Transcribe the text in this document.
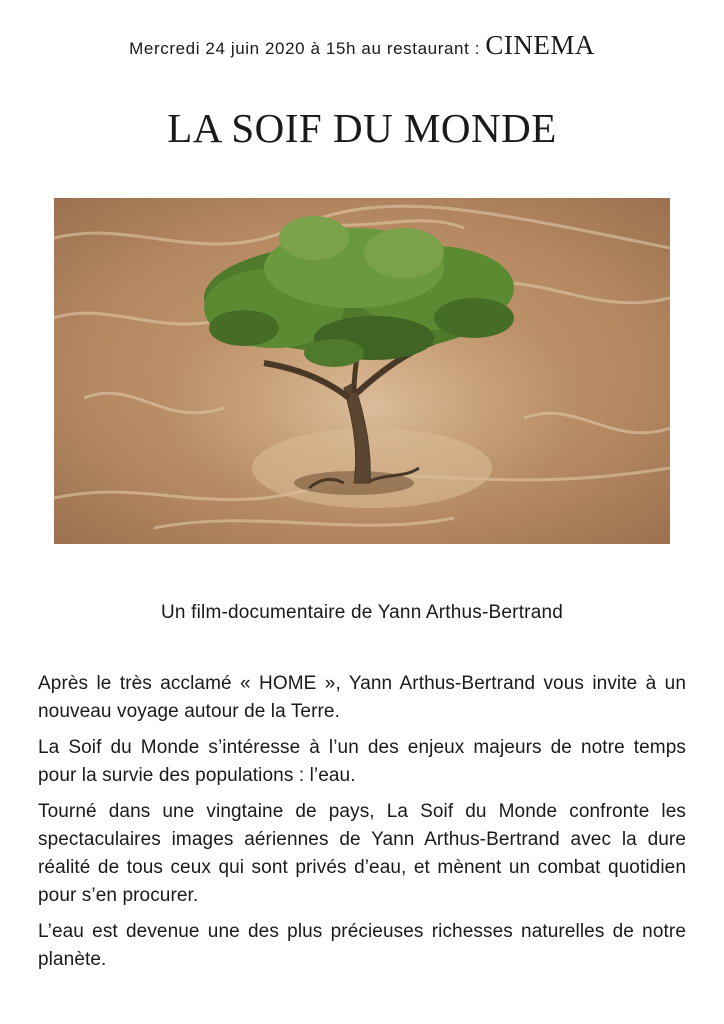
Mercredi 24 juin 2020 à 15h au restaurant : CINEMA
LA SOIF DU MONDE
Un film-documentaire de Yann Arthus-Bertrand

Après le très acclamé « HOME », Yann Arthus-Bertrand vous invite à un nouveau voyage autour de la Terre.

La Soif du Monde s’intéresse à l’un des enjeux majeurs de notre temps pour la survie des populations : l’eau.

Tourné dans une vingtaine de pays, La Soif du Monde confronte les spectaculaires images aériennes de Yann Arthus-Bertrand avec la dure réalité de tous ceux qui sont privés d’eau, et mènent un combat quotidien pour s’en procurer.

L’eau est devenue une des plus précieuses richesses naturelles de notre planète.
